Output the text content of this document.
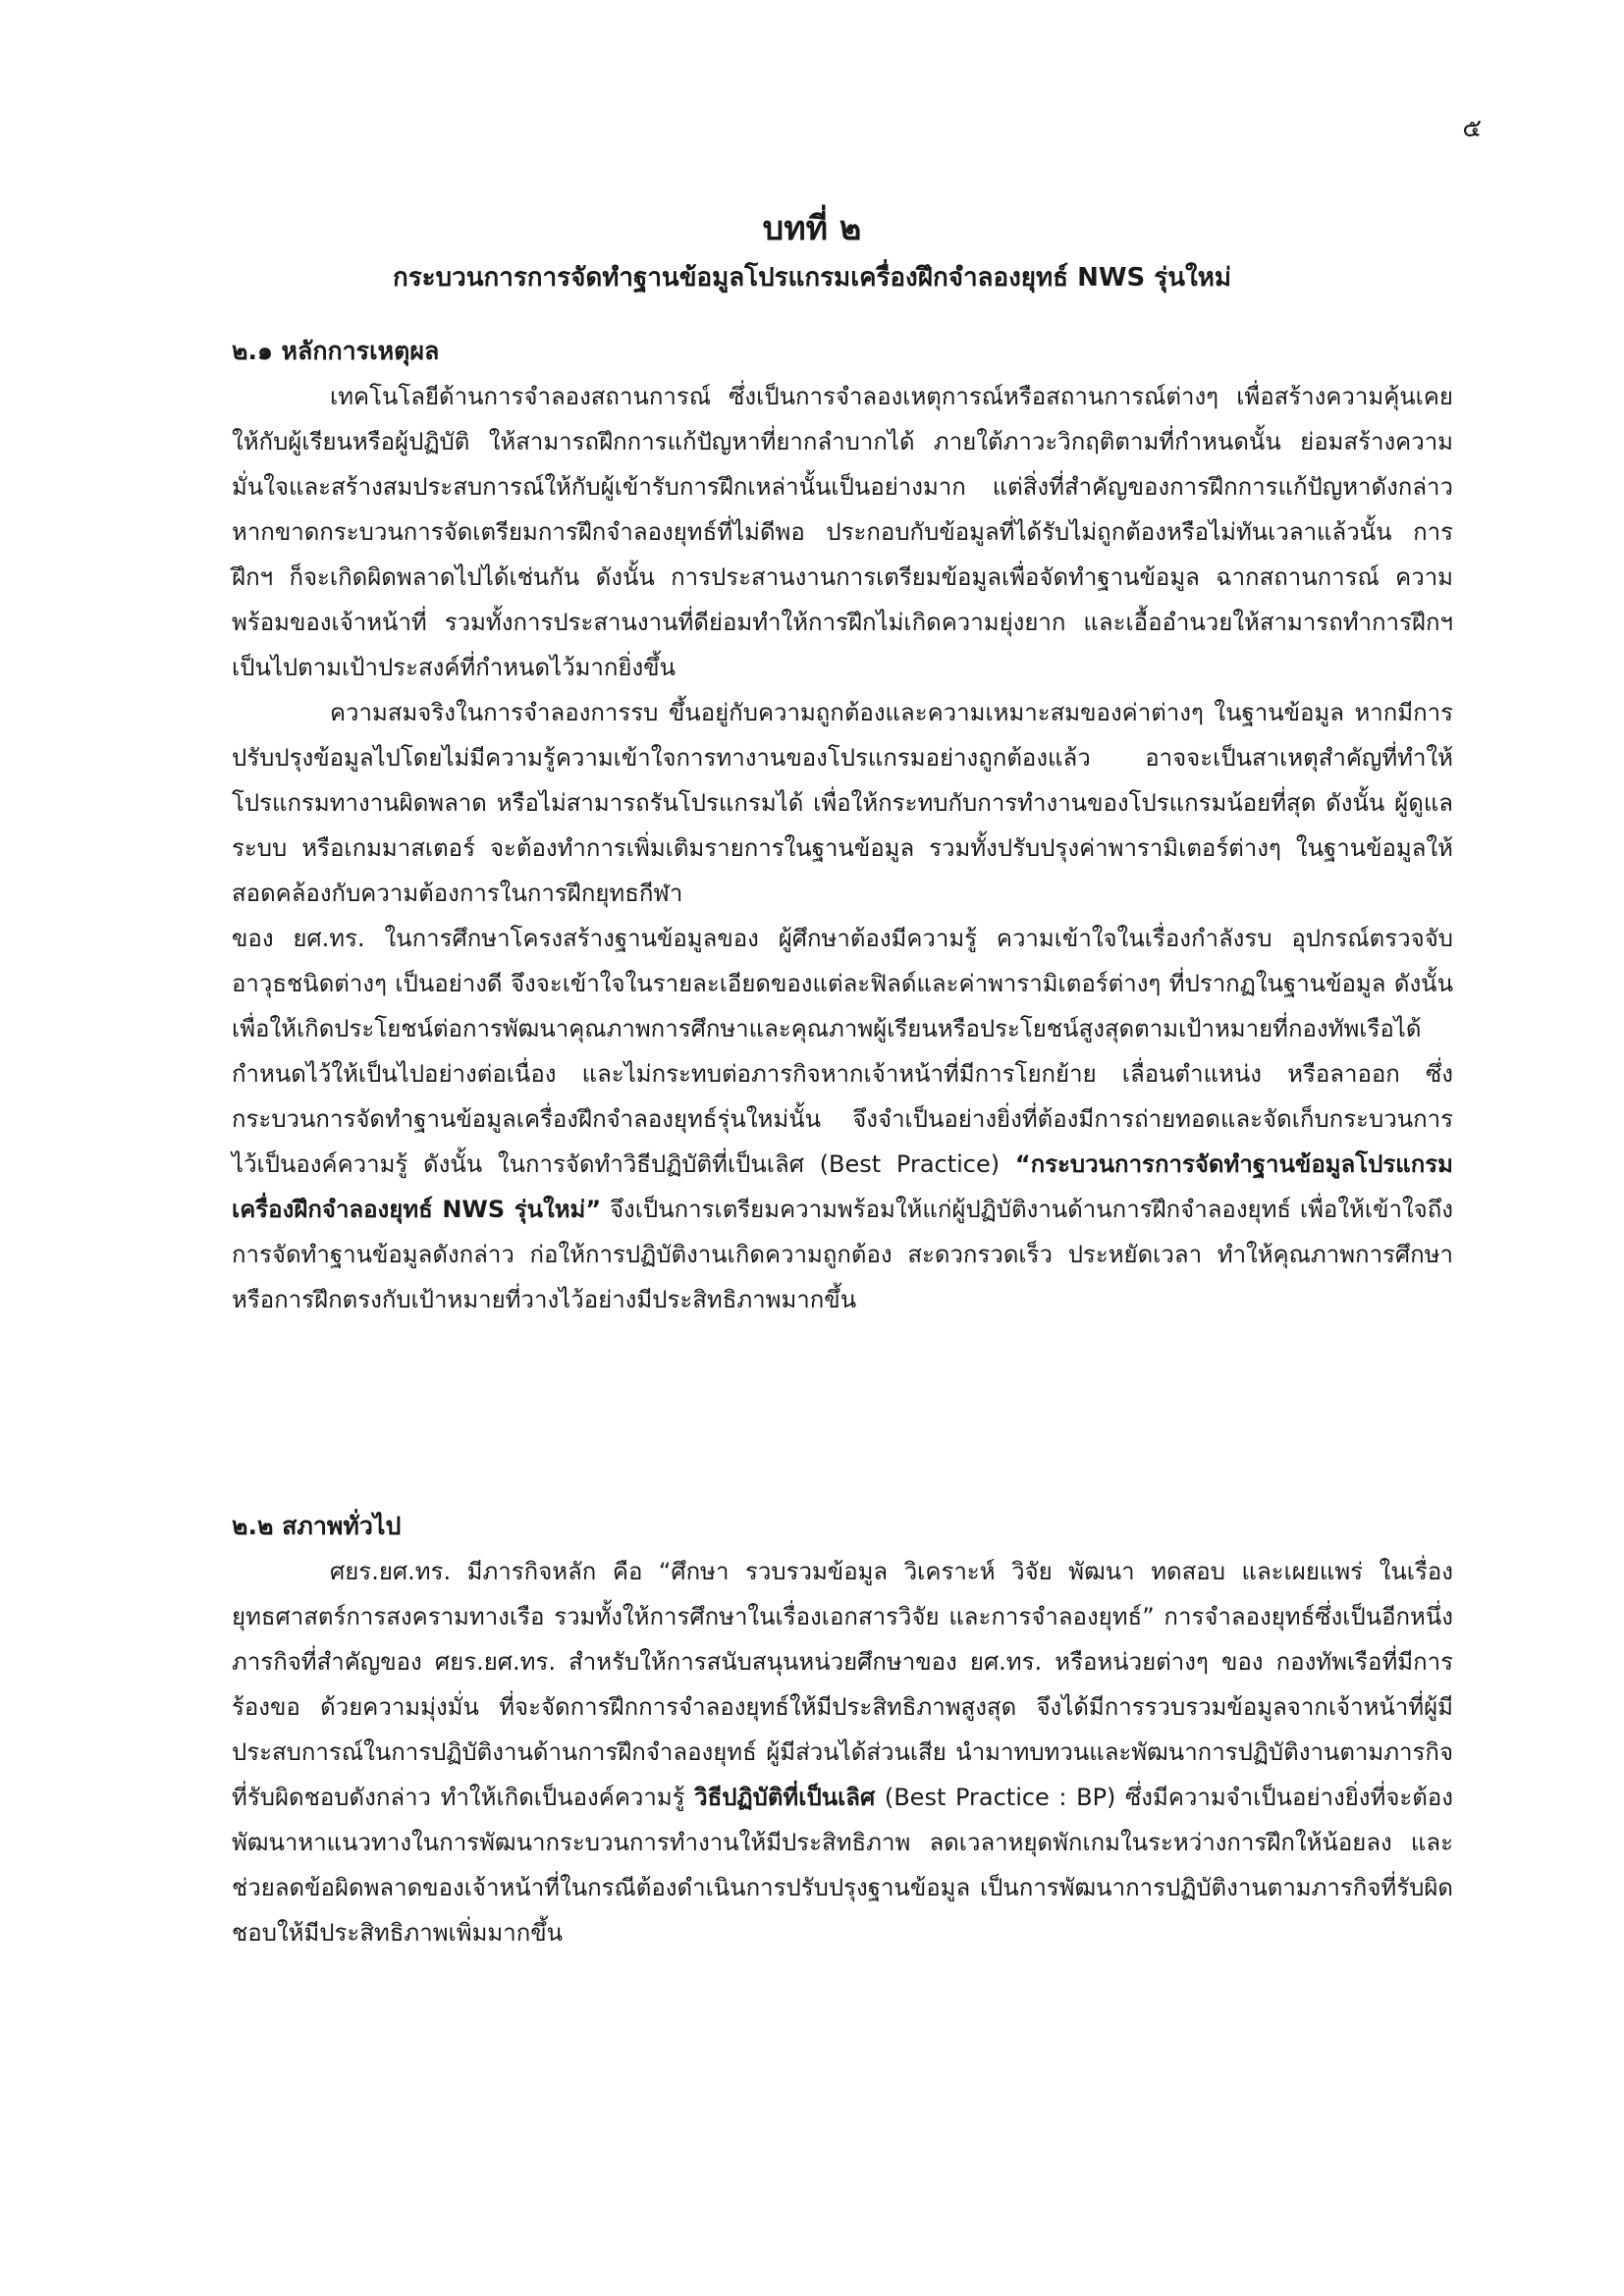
๕
บทที่ ๒
กระบวนการการจัดทำฐานข้อมูลโปรแกรมเครื่องฝึกจำลองยุทธ์ NWS รุ่นใหม่

๒.๑ หลักการเหตุผล

เทคโนโลยีด้านการจำลองสถานการณ์ ซึ่งเป็นการจำลองเหตุการณ์หรือสถานการณ์ต่างๆ เพื่อสร้างความคุ้นเคยให้กับผู้เรียนหรือผู้ปฏิบัติ ให้สามารถฝึกการแก้ปัญหาที่ยากลำบากได้ ภายใต้ภาวะวิกฤติตามที่กำหนดนั้น ย่อมสร้างความมั่นใจและสร้างสมประสบการณ์ให้กับผู้เข้ารับการฝึกเหล่านั้นเป็นอย่างมาก แต่สิ่งที่สำคัญของการฝึกการแก้ปัญหาดังกล่าวหากขาดกระบวนการจัดเตรียมการฝึกจำลองยุทธ์ที่ไม่ดีพอ ประกอบกับข้อมูลที่ได้รับไม่ถูกต้องหรือไม่ทันเวลาแล้วนั้น การฝึกฯ ก็จะเกิดผิดพลาดไปได้เช่นกัน ดังนั้น การประสานงานการเตรียมข้อมูลเพื่อจัดทำฐานข้อมูล ฉากสถานการณ์ ความพร้อมของเจ้าหน้าที่ รวมทั้งการประสานงานที่ดีย่อมทำให้การฝึกไม่เกิดความยุ่งยาก และเอื้ออำนวยให้สามารถทำการฝึกฯ เป็นไปตามเป้าประสงค์ที่กำหนดไว้มากยิ่งขึ้น

ความสมจริงในการจำลองการรบ ขึ้นอยู่กับความถูกต้องและความเหมาะสมของค่าต่างๆ ในฐานข้อมูล หากมีการปรับปรุงข้อมูลไปโดยไม่มีความรู้ความเข้าใจการทางานของโปรแกรมอย่างถูกต้องแล้ว อาจจะเป็นสาเหตุสำคัญที่ทำให้โปรแกรมทางานผิดพลาด หรือไม่สามารถรันโปรแกรมได้ เพื่อให้กระทบกับการทำงานของโปรแกรมน้อยที่สุด ดังนั้น ผู้ดูแลระบบ หรือเกมมาสเตอร์ จะต้องทำการเพิ่มเติมรายการในฐานข้อมูล รวมทั้งปรับปรุงค่าพารามิเตอร์ต่างๆ ในฐานข้อมูลให้สอดคล้องกับความต้องการในการฝึกยุทธกีฬา

ของ ยศ.ทร. ในการศึกษาโครงสร้างฐานข้อมูลของ ผู้ศึกษาต้องมีความรู้ ความเข้าใจในเรื่องกำลังรบ อุปกรณ์ตรวจจับ อาวุธชนิดต่างๆ เป็นอย่างดี จึงจะเข้าใจในรายละเอียดของแต่ละฟิลด์และค่าพารามิเตอร์ต่างๆ ที่ปรากฏในฐานข้อมูล ดังนั้น เพื่อให้เกิดประโยชน์ต่อการพัฒนาคุณภาพการศึกษาและคุณภาพผู้เรียนหรือประโยชน์สูงสุดตามเป้าหมายที่กองทัพเรือได้กำหนดไว้ให้เป็นไปอย่างต่อเนื่อง และไม่กระทบต่อภารกิจหากเจ้าหน้าที่มีการโยกย้าย เลื่อนตำแหน่ง หรือลาออก ซึ่งกระบวนการจัดทำฐานข้อมูลเครื่องฝึกจำลองยุทธ์รุ่นใหม่นั้น จึงจำเป็นอย่างยิ่งที่ต้องมีการถ่ายทอดและจัดเก็บกระบวนการไว้เป็นองค์ความรู้ ดังนั้น ในการจัดทำวิธีปฏิบัติที่เป็นเลิศ (Best Practice) “กระบวนการการจัดทำฐานข้อมูลโปรแกรมเครื่องฝึกจำลองยุทธ์ NWS รุ่นใหม่” จึงเป็นการเตรียมความพร้อมให้แก่ผู้ปฏิบัติงานด้านการฝึกจำลองยุทธ์ เพื่อให้เข้าใจถึงการจัดทำฐานข้อมูลดังกล่าว ก่อให้การปฏิบัติงานเกิดความถูกต้อง สะดวกรวดเร็ว ประหยัดเวลา ทำให้คุณภาพการศึกษาหรือการฝึกตรงกับเป้าหมายที่วางไว้อย่างมีประสิทธิภาพมากขึ้น

๒.๒ สภาพทั่วไป

ศยร.ยศ.ทร. มีภารกิจหลัก คือ “ศึกษา รวบรวมข้อมูล วิเคราะห์ วิจัย พัฒนา ทดสอบ และเผยแพร่ ในเรื่องยุทธศาสตร์การสงครามทางเรือ รวมทั้งให้การศึกษาในเรื่องเอกสารวิจัย และการจำลองยุทธ์” การจำลองยุทธ์ซึ่งเป็นอีกหนึ่งภารกิจที่สำคัญของ ศยร.ยศ.ทร. สำหรับให้การสนับสนุนหน่วยศึกษาของ ยศ.ทร. หรือหน่วยต่างๆ ของ กองทัพเรือที่มีการร้องขอ ด้วยความมุ่งมั่น ที่จะจัดการฝึกการจำลองยุทธ์ให้มีประสิทธิภาพสูงสุด จึงได้มีการรวบรวมข้อมูลจากเจ้าหน้าที่ผู้มีประสบการณ์ในการปฏิบัติงานด้านการฝึกจำลองยุทธ์ ผู้มีส่วนได้ส่วนเสีย นำมาทบทวนและพัฒนาการปฏิบัติงานตามภารกิจที่รับผิดชอบดังกล่าว ทำให้เกิดเป็นองค์ความรู้ วิธีปฏิบัติที่เป็นเลิศ (Best Practice : BP) ซึ่งมีความจำเป็นอย่างยิ่งที่จะต้องพัฒนาหาแนวทางในการพัฒนากระบวนการทำงานให้มีประสิทธิภาพ ลดเวลาหยุดพักเกมในระหว่างการฝึกให้น้อยลง และช่วยลดข้อผิดพลาดของเจ้าหน้าที่ในกรณีต้องดำเนินการปรับปรุงฐานข้อมูล เป็นการพัฒนาการปฏิบัติงานตามภารกิจที่รับผิดชอบให้มีประสิทธิภาพเพิ่มมากขึ้น
